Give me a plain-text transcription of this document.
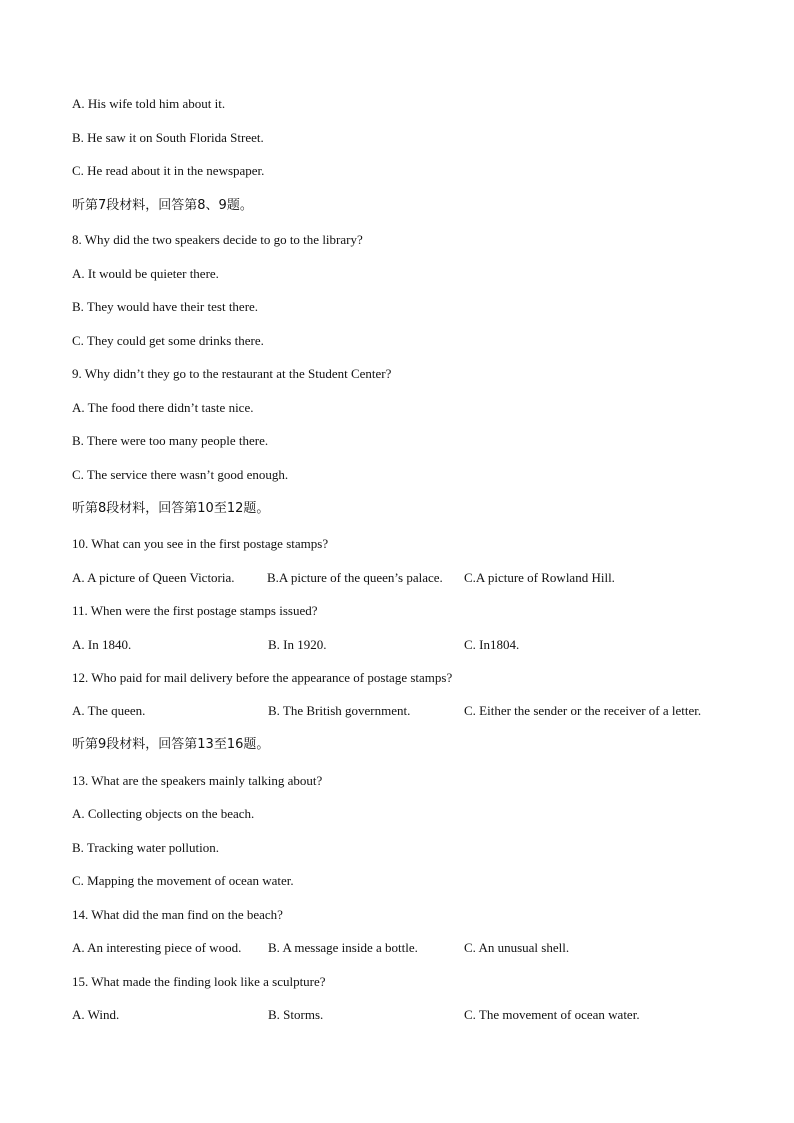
A. His wife told him about it.
B. He saw it on South Florida Street.
C. He read about it in the newspaper.
听第7段材料，回答第8、9题。
8. Why did the two speakers decide to go to the library?
A. It would be quieter there.
B. They would have their test there.
C. They could get some drinks there.
9. Why didn’t they go to the restaurant at the Student Center?
A. The food there didn’t taste nice.
B. There were too many people there.
C. The service there wasn’t good enough.
听第8段材料，回答第10至12题。
10. What can you see in the first postage stamps?
A. A picture of Queen Victoria. B.A picture of the queen’s palace. C.A picture of Rowland Hill.
11. When were the first postage stamps issued?
A. In 1840.	B. In 1920.	C. In1804.
12. Who paid for mail delivery before the appearance of postage stamps?
A. The queen.	B. The British government.	C. Either the sender or the receiver of a letter.
听第9段材料，回答第13至16题。
13. What are the speakers mainly talking about?
A. Collecting objects on the beach.
B. Tracking water pollution.
C. Mapping the movement of ocean water.
14. What did the man find on the beach?
A. An interesting piece of wood. B. A message inside a bottle.	C. An unusual shell.
15. What made the finding look like a sculpture?
A. Wind.	B. Storms.	C. The movement of ocean water.
